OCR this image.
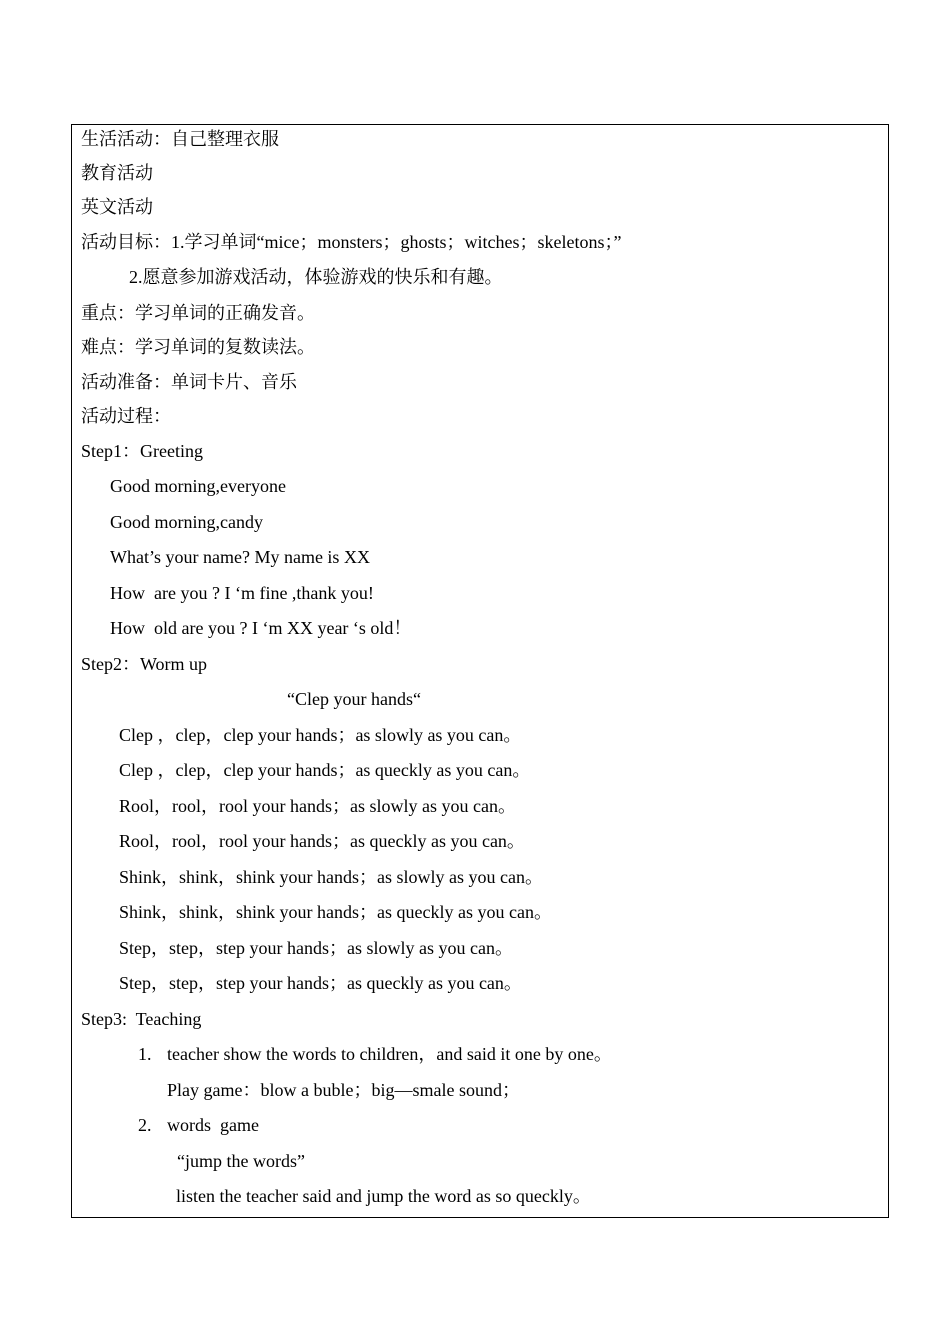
生活活动：自己整理衣服
教育活动
英文活动
活动目标：1.学习单词“mice；monsters；ghosts；witches；skeletons；”
2.愿意参加游戏活动，体验游戏的快乐和有趣。
重点：学习单词的正确发音。
难点：学习单词的复数读法。
活动准备：单词卡片、音乐
活动过程：
Step1：Greeting
Good morning,everyone
Good morning,candy
What’s your name? My name is XX
How  are you ? I ‘m fine ,thank you!
How  old are you ? I ‘m XX year ‘s old！
Step2：Worm up
“Clep your hands“
Clep ，clep，clep your hands；as slowly as you can。
Clep ，clep，clep your hands；as queckly as you can。
Rool，rool，rool your hands；as slowly as you can。
Rool，rool，rool your hands；as queckly as you can。
Shink，shink，shink your hands；as slowly as you can。
Shink，shink，shink your hands；as queckly as you can。
Step，step，step your hands；as slowly as you can。
Step，step，step your hands；as queckly as you can。
Step3:  Teaching
1. teacher show the words to children，and said it one by one。
Play game：blow a buble；big—smale sound；
2. words  game
“jump the words”
listen the teacher said and jump the word as so queckly。
